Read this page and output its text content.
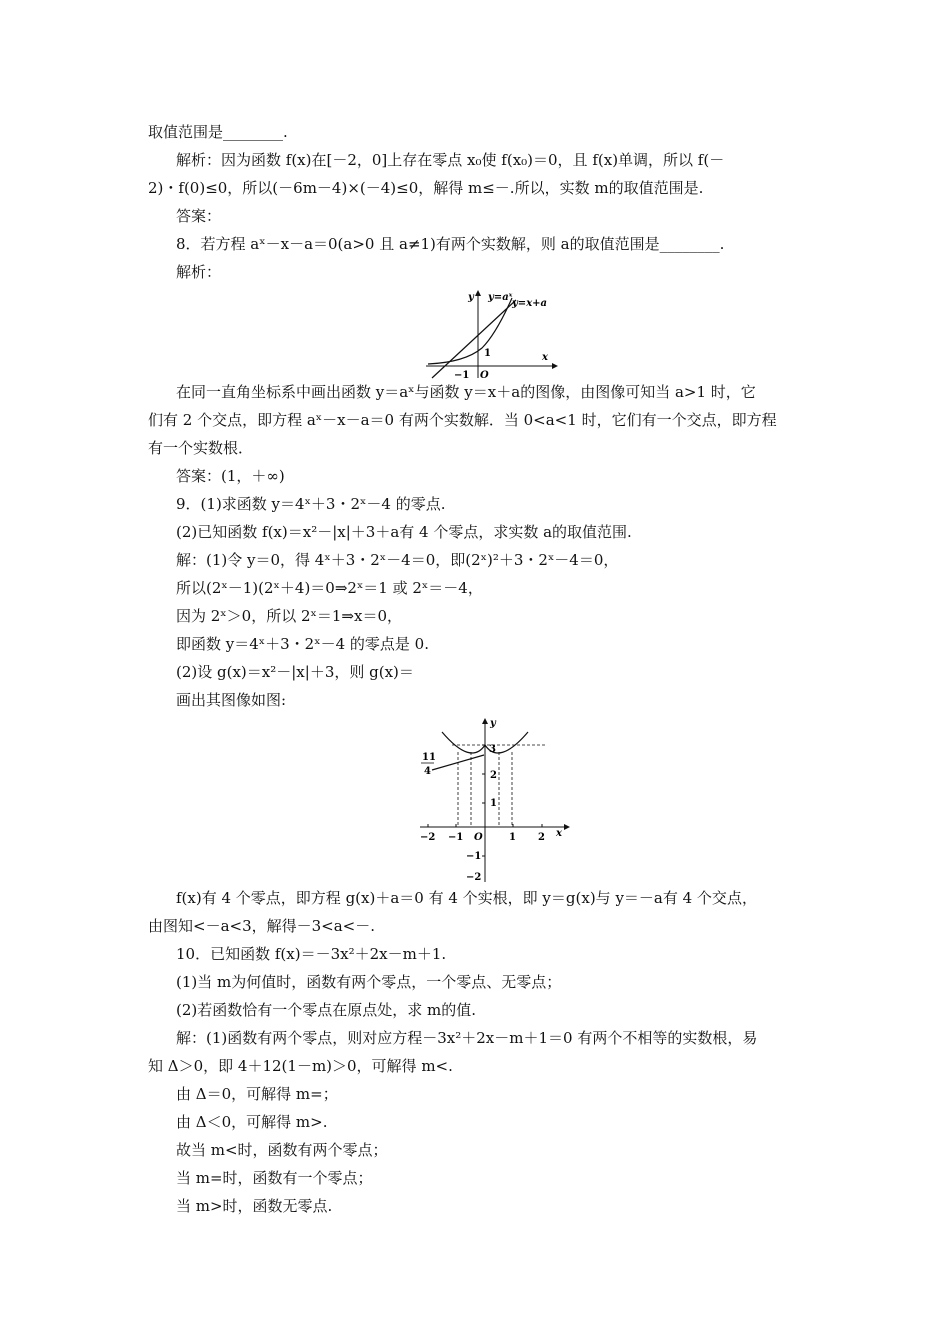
取值范围是________.
解析：因为函数 f(x)在[－2，0]上存在零点 x₀使 f(x₀)＝0，且 f(x)单调，所以 f(－
2)・f(0)≤0，所以(－6m－4)×(－4)≤0，解得 m≤－.所以，实数 m的取值范围是.
答案：
8．若方程 aˣ－x－a＝0(a>0 且 a≠1)有两个实数解，则 a的取值范围是________.
解析：
y y=aˣ
y=x+a
1
−1 O
x
在同一直角坐标系中画出函数 y＝aˣ与函数 y＝x＋a的图像，由图像可知当 a>1 时，它
们有 2 个交点，即方程 aˣ－x－a＝0 有两个实数解．当 0<a<1 时，它们有一个交点，即方程
有一个实数根．
答案：(1，＋∞)
9．(1)求函数 y＝4ˣ＋3・2ˣ－4 的零点.
(2)已知函数 f(x)＝x²－|x|＋3＋a有 4 个零点，求实数 a的取值范围.
解：(1)令 y＝0，得 4ˣ＋3・2ˣ－4＝0，即(2ˣ)²＋3・2ˣ－4＝0，
所以(2ˣ－1)(2ˣ＋4)＝0⇒2ˣ＝1 或 2ˣ＝－4，
因为 2ˣ＞0，所以 2ˣ＝1⇒x＝0，
即函数 y＝4ˣ＋3・2ˣ－4 的零点是 0.
(2)设 g(x)＝x²－|x|＋3，则 g(x)＝
画出其图像如图:
y
x
11
4
3
2
1
−1
−2
−2 −1 O	1 2
f(x)有 4 个零点，即方程 g(x)＋a＝0 有 4 个实根，即 y＝g(x)与 y＝－a有 4 个交点，
由图知<－a<3，解得－3<a<－.
10．已知函数 f(x)＝－3x²＋2x－m＋1.
(1)当 m为何值时，函数有两个零点，一个零点、无零点；
(2)若函数恰有一个零点在原点处，求 m的值.
解：(1)函数有两个零点，则对应方程－3x²＋2x－m＋1＝0 有两个不相等的实数根，易
知 Δ＞0，即 4＋12(1－m)＞0，可解得 m<.
由 Δ＝0，可解得 m=；
由 Δ＜0，可解得 m>.
故当 m<时，函数有两个零点；
当 m=时，函数有一个零点；
当 m>时，函数无零点.
